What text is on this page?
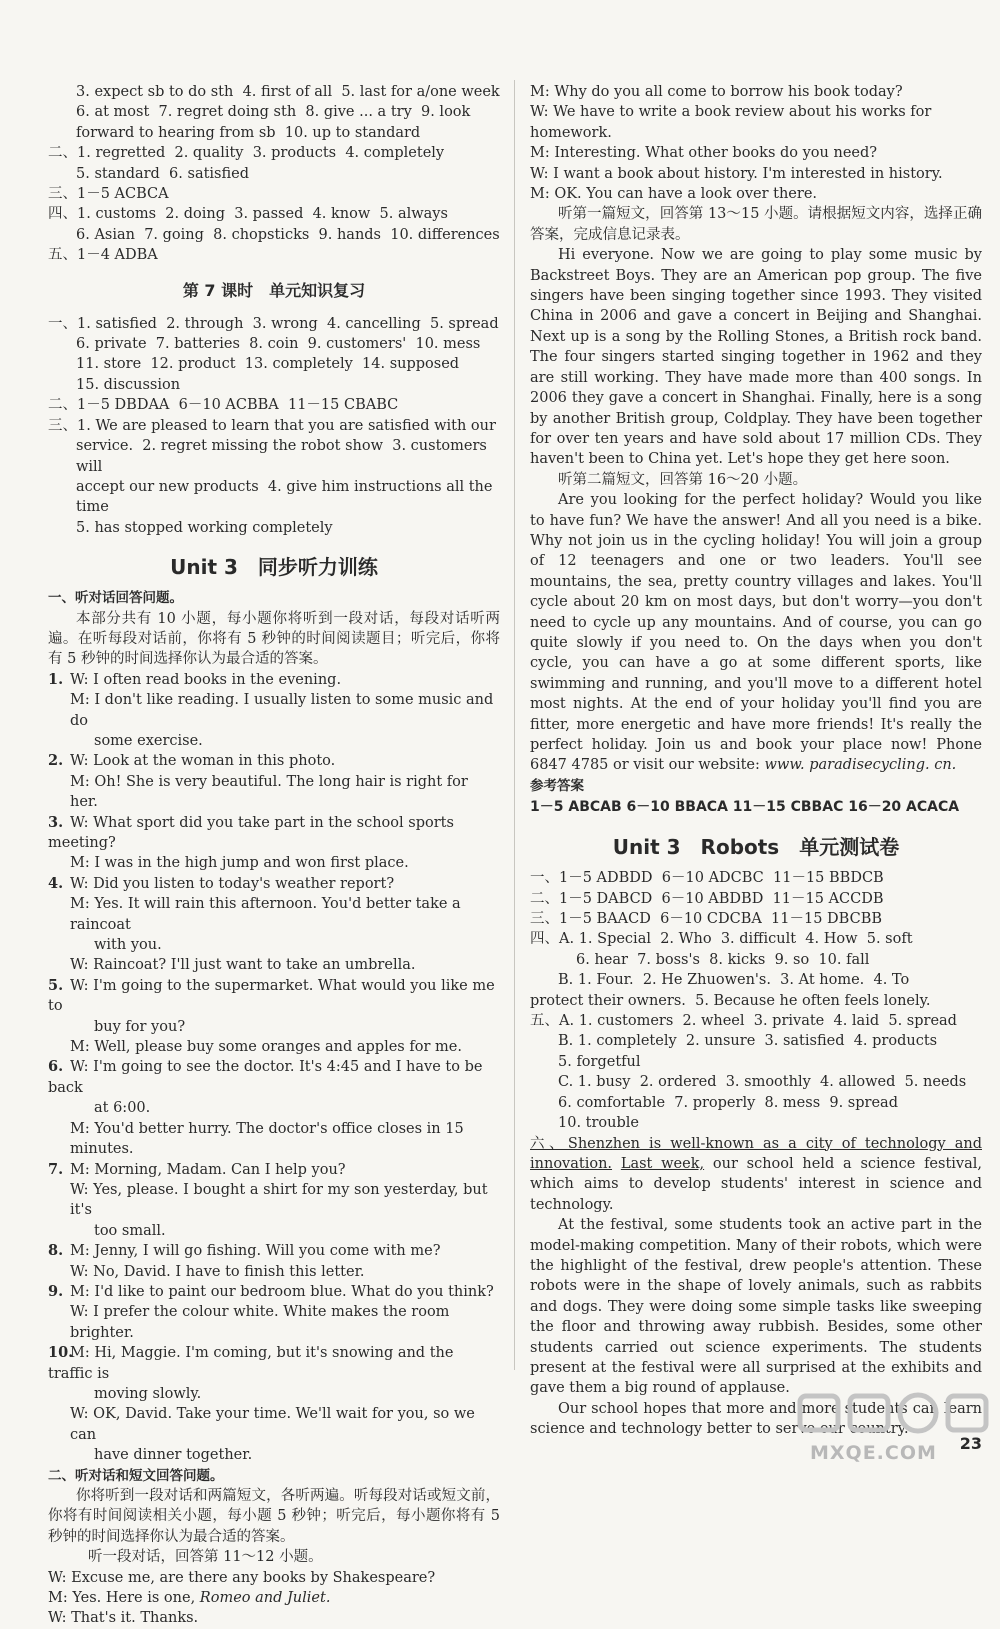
3. expect sb to do sth  4. first of all  5. last for a/one week
6. at most  7. regret doing sth  8. give ... a try  9. look
forward to hearing from sb  10. up to standard
二、1. regretted  2. quality  3. products  4. completely
5. standard  6. satisfied
三、1－5 ACBCA
四、1. customs  2. doing  3. passed  4. know  5. always
6. Asian  7. going  8. chopsticks  9. hands  10. differences
五、1－4 ADBA
第 7 课时　单元知识复习
一、1. satisfied  2. through  3. wrong  4. cancelling  5. spread
6. private  7. batteries  8. coin  9. customers'  10. mess
11. store  12. product  13. completely  14. supposed
15. discussion
二、1－5 DBDAA  6－10 ACBBA  11－15 CBABC
三、1. We are pleased to learn that you are satisfied with our
service.  2. regret missing the robot show  3. customers will
accept our new products  4. give him instructions all the time
5. has stopped working completely
Unit 3　同步听力训练
一、听对话回答问题。
本部分共有 10 小题，每小题你将听到一段对话，每段对话听两遍。在听每段对话前，你将有 5 秒钟的时间阅读题目；听完后，你将有 5 秒钟的时间选择你认为最合适的答案。
1. W: I often read books in the evening.
M: I don't like reading. I usually listen to some music and do
some exercise.
2. W: Look at the woman in this photo.
M: Oh! She is very beautiful. The long hair is right for her.
3. W: What sport did you take part in the school sports meeting?
M: I was in the high jump and won first place.
4. W: Did you listen to today's weather report?
M: Yes. It will rain this afternoon. You'd better take a raincoat
with you.
W: Raincoat? I'll just want to take an umbrella.
5. W: I'm going to the supermarket. What would you like me to
buy for you?
M: Well, please buy some oranges and apples for me.
6. W: I'm going to see the doctor. It's 4:45 and I have to be back
at 6:00.
M: You'd better hurry. The doctor's office closes in 15 minutes.
7. M: Morning, Madam. Can I help you?
W: Yes, please. I bought a shirt for my son yesterday, but it's
too small.
8. M: Jenny, I will go fishing. Will you come with me?
W: No, David. I have to finish this letter.
9. M: I'd like to paint our bedroom blue. What do you think?
W: I prefer the colour white. White makes the room brighter.
10.M: Hi, Maggie. I'm coming, but it's snowing and the traffic is
moving slowly.
W: OK, David. Take your time. We'll wait for you, so we can
have dinner together.
二、听对话和短文回答问题。
你将听到一段对话和两篇短文，各听两遍。听每段对话或短文前，你将有时间阅读相关小题，每小题 5 秒钟；听完后，每小题你将有 5 秒钟的时间选择你认为最合适的答案。
听一段对话，回答第 11～12 小题。
W: Excuse me, are there any books by Shakespeare?
M: Yes. Here is one, Romeo and Juliet.
W: That's it. Thanks.
M: Why do you all come to borrow his book today?
W: We have to write a book review about his works for homework.
M: Interesting. What other books do you need?
W: I want a book about history. I'm interested in history.
M: OK. You can have a look over there.
听第一篇短文，回答第 13～15 小题。请根据短文内容，选择正确答案，完成信息记录表。
Hi everyone. Now we are going to play some music by Backstreet Boys. They are an American pop group. The five singers have been singing together since 1993. They visited China in 2006 and gave a concert in Beijing and Shanghai. Next up is a song by the Rolling Stones, a British rock band. The four singers started singing together in 1962 and they are still working. They have made more than 400 songs. In 2006 they gave a concert in Shanghai. Finally, here is a song by another British group, Coldplay. They have been together for over ten years and have sold about 17 million CDs. They haven't been to China yet. Let's hope they get here soon.
听第二篇短文，回答第 16～20 小题。
Are you looking for the perfect holiday? Would you like to have fun? We have the answer! And all you need is a bike. Why not join us in the cycling holiday! You will join a group of 12 teenagers and one or two leaders. You'll see mountains, the sea, pretty country villages and lakes. You'll cycle about 20 km on most days, but don't worry—you don't need to cycle up any mountains. And of course, you can go quite slowly if you need to. On the days when you don't cycle, you can have a go at some different sports, like swimming and running, and you'll move to a different hotel most nights. At the end of your holiday you'll find you are fitter, more energetic and have more friends! It's really the perfect holiday. Join us and book your place now! Phone 6847 4785 or visit our website: www. paradisecycling. cn.
参考答案
1－5 ABCAB 6－10 BBACA 11－15 CBBAC 16－20 ACACA
Unit 3　Robots　单元测试卷
一、1－5 ADBDD  6－10 ADCBC  11－15 BBDCB
二、1－5 DABCD  6－10 ABDBD  11－15 ACCDB
三、1－5 BAACD  6－10 CDCBA  11－15 DBCBB
四、A. 1. Special  2. Who  3. difficult  4. How  5. soft
6. hear  7. boss's  8. kicks  9. so  10. fall
B. 1. Four.  2. He Zhuowen's.  3. At home.  4. To
protect their owners.  5. Because he often feels lonely.
五、A. 1. customers  2. wheel  3. private  4. laid  5. spread
B. 1. completely  2. unsure  3. satisfied  4. products
5. forgetful
C. 1. busy  2. ordered  3. smoothly  4. allowed  5. needs
6. comfortable  7. properly  8. mess  9. spread
10. trouble
六、Shenzhen is well-known as a city of technology and innovation. Last week, our school held a science festival, which aims to develop students' interest in science and technology.
At the festival, some students took an active part in the model-making competition. Many of their robots, which were the highlight of the festival, drew people's attention. These robots were in the shape of lovely animals, such as rabbits and dogs. They were doing some simple tasks like sweeping the floor and throwing away rubbish. Besides, some other students carried out science experiments. The students present at the festival were all surprised at the exhibits and gave them a big round of applause.
Our school hopes that more and more students can learn science and technology better to serve our country.
23
MXQE.COM
